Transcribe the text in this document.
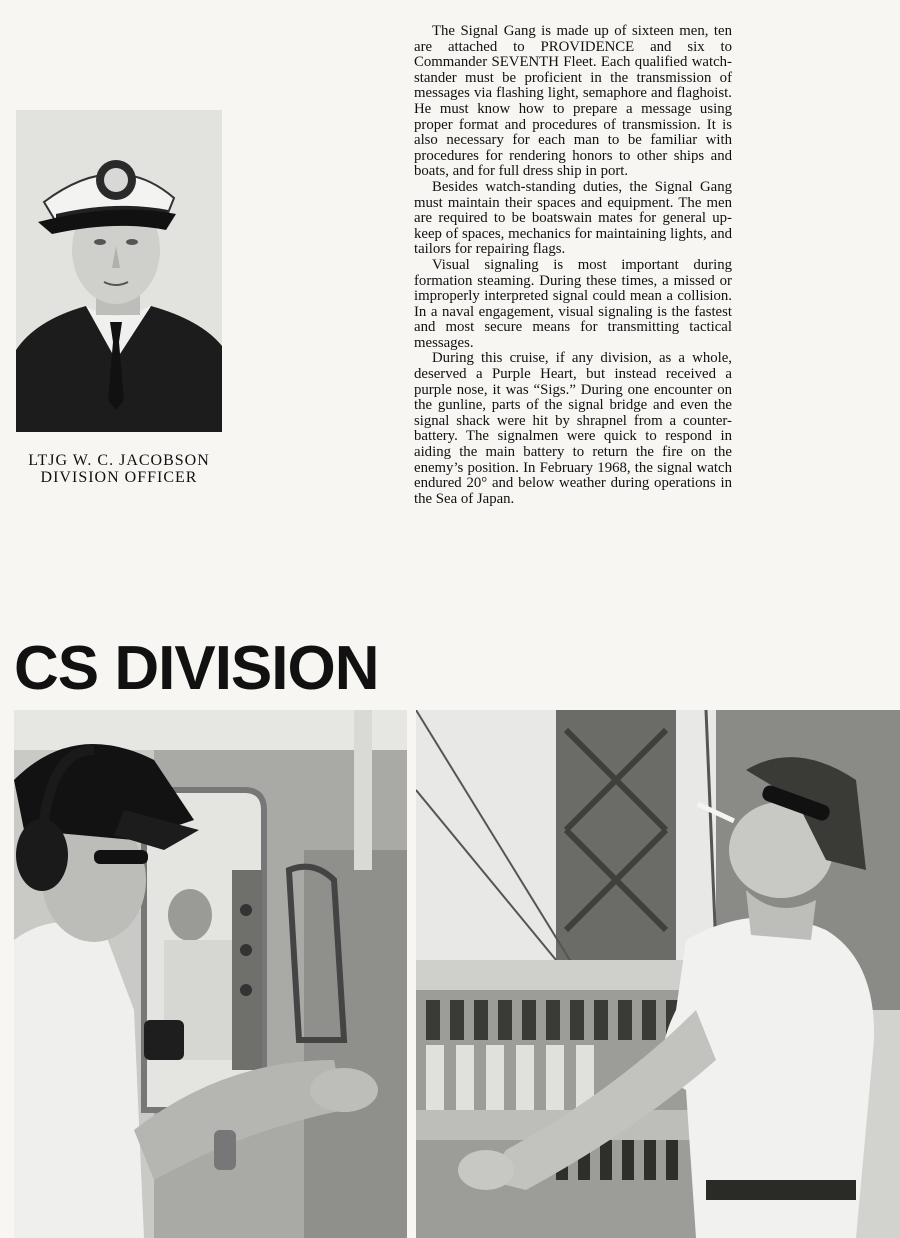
LTJG W. C. JACOBSON
DIVISION OFFICER

The Signal Gang is made up of sixteen men, ten are attached to PROVIDENCE and six to Commander SEVENTH Fleet. Each qualified watch-stander must be proficient in the transmission of messages via flashing light, semaphore and flaghoist. He must know how to prepare a message using proper format and procedures of transmission. It is also necessary for each man to be familiar with procedures for rendering honors to other ships and boats, and for full dress ship in port.

Besides watch-standing duties, the Signal Gang must maintain their spaces and equipment. The men are required to be boatswain mates for general up-keep of spaces, mechanics for maintaining lights, and tailors for repairing flags.

Visual signaling is most important during formation steaming. During these times, a missed or improperly interpreted signal could mean a collision. In a naval engagement, visual signaling is the fastest and most secure means for transmitting tactical messages.

During this cruise, if any division, as a whole, deserved a Purple Heart, but instead received a purple nose, it was “Sigs.” During one encounter on the gunline, parts of the signal bridge and even the signal shack were hit by shrapnel from a counter-battery. The signalmen were quick to respond in aiding the main battery to return the fire on the enemy’s position. In February 1968, the signal watch endured 20° and below weather during operations in the Sea of Japan.

CS DIVISION
